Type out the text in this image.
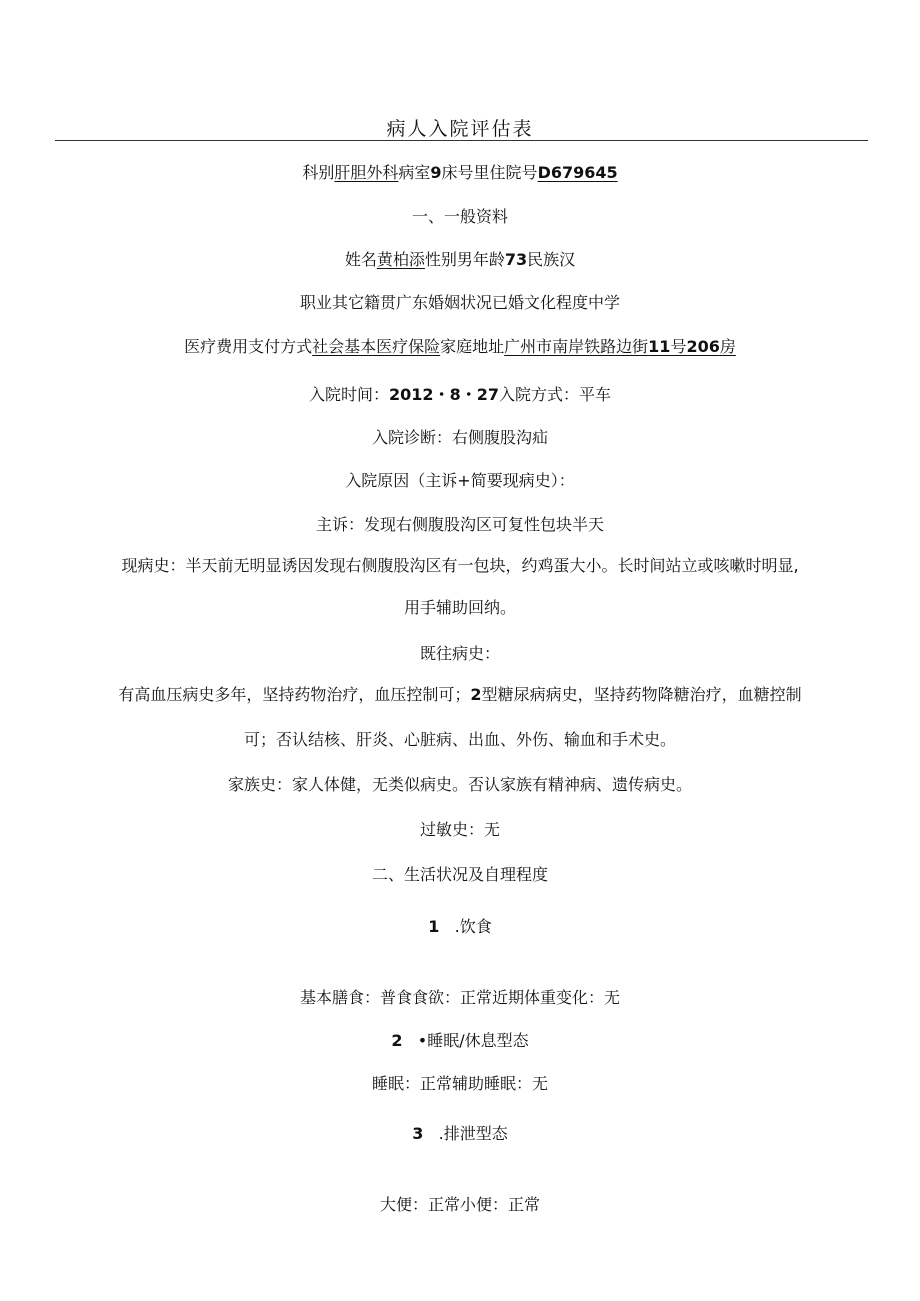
病人入院评估表
科别肝胆外科病室9床号里住院号D679645
一、一般资料
姓名黄柏添性别男年龄73民族汉
职业其它籍贯广东婚姻状况已婚文化程度中学
医疗费用支付方式社会基本医疗保险家庭地址广州市南岸铁路边街11号206房
入院时间：2012・8・27入院方式：平车
入院诊断：右侧腹股沟疝
入院原因（主诉+简要现病史）：
主诉：发现右侧腹股沟区可复性包块半天
现病史：半天前无明显诱因发现右侧腹股沟区有一包块，约鸡蛋大小。长时间站立或咳嗽时明显,
用手辅助回纳。
既往病史：
有高血压病史多年，坚持药物治疗，血压控制可；2型糖尿病病史，坚持药物降糖治疗，血糖控制
可；否认结核、肝炎、心脏病、出血、外伤、输血和手术史。
家族史：家人体健，无类似病史。否认家族有精神病、遗传病史。
过敏史：无
二、生活状况及自理程度
1 .饮食
基本膳食：普食食欲：正常近期体重变化：无
2 •睡眠/休息型态
睡眠：正常辅助睡眠：无
3 .排泄型态
大便：正常小便：正常
